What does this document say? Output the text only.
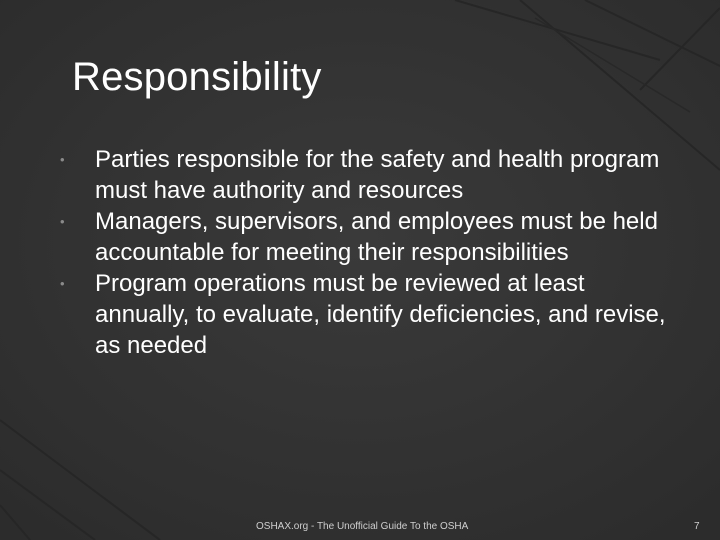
Responsibility
•	Parties responsible for the safety and health program must have authority and resources
•	Managers, supervisors, and employees must be held accountable for meeting their responsibilities
•	Program operations must be reviewed at least annually, to evaluate, identify deficiencies, and revise, as needed
OSHAX.org - The Unofficial Guide To the OSHA	7
